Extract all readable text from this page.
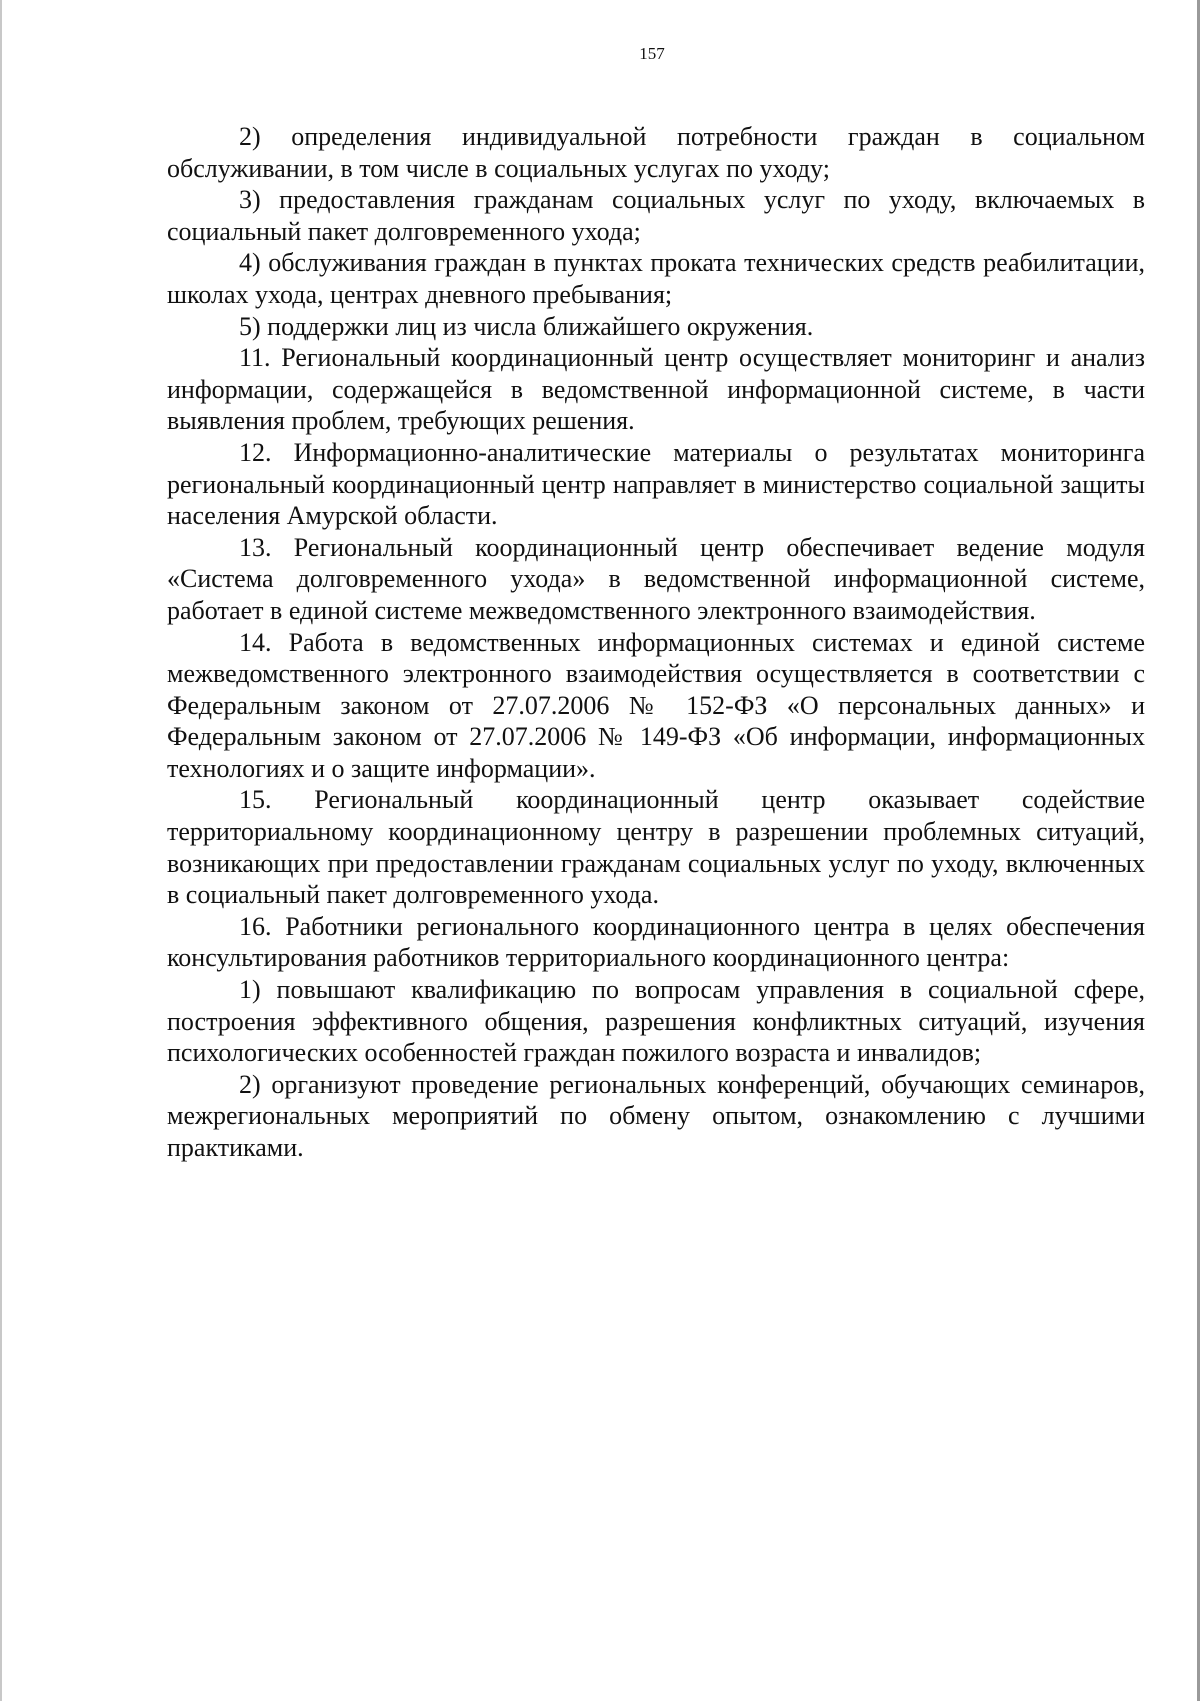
157

2) определения индивидуальной потребности граждан в социальном обслуживании, в том числе в социальных услугах по уходу;

3) предоставления гражданам социальных услуг по уходу, включаемых в социальный пакет долговременного ухода;

4) обслуживания граждан в пунктах проката технических средств реабилитации, школах ухода, центрах дневного пребывания;

5) поддержки лиц из числа ближайшего окружения.

11. Региональный координационный центр осуществляет мониторинг и анализ информации, содержащейся в ведомственной информационной системе, в части выявления проблем, требующих решения.

12. Информационно-аналитические материалы о результатах мониторинга региональный координационный центр направляет в министерство социальной защиты населения Амурской области.

13. Региональный координационный центр обеспечивает ведение модуля «Система долговременного ухода» в ведомственной информационной системе, работает в единой системе межведомственного электронного взаимодействия.

14. Работа в ведомственных информационных системах и единой системе межведомственного электронного взаимодействия осуществляется в соответствии с Федеральным законом от 27.07.2006 № 152-ФЗ «О персональных данных» и Федеральным законом от 27.07.2006 № 149-ФЗ «Об информации, информационных технологиях и о защите информации».

15. Региональный координационный центр оказывает содействие территориальному координационному центру в разрешении проблемных ситуаций, возникающих при предоставлении гражданам социальных услуг по уходу, включенных в социальный пакет долговременного ухода.

16. Работники регионального координационного центра в целях обеспечения консультирования работников территориального координационного центра:

1) повышают квалификацию по вопросам управления в социальной сфере, построения эффективного общения, разрешения конфликтных ситуаций, изучения психологических особенностей граждан пожилого возраста и инвалидов;

2) организуют проведение региональных конференций, обучающих семинаров, межрегиональных мероприятий по обмену опытом, ознакомлению с лучшими практиками.
